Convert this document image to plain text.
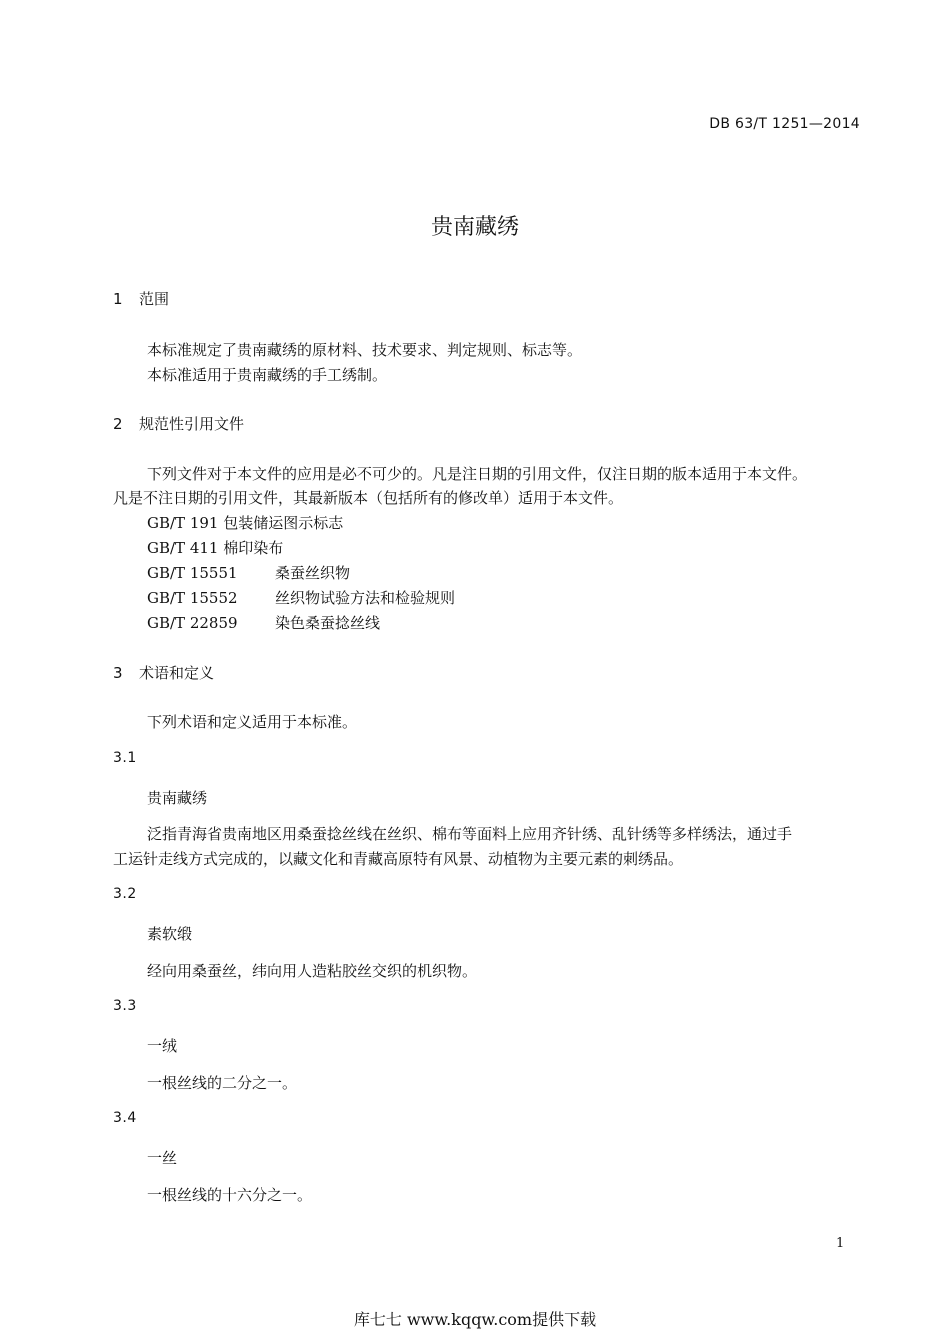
DB 63/T 1251—2014
贵南藏绣
1 范围
本标准规定了贵南藏绣的原材料、技术要求、判定规则、标志等。
本标准适用于贵南藏绣的手工绣制。
2 规范性引用文件
下列文件对于本文件的应用是必不可少的。凡是注日期的引用文件，仅注日期的版本适用于本文件。
凡是不注日期的引用文件，其最新版本（包括所有的修改单）适用于本文件。
GB/T 191 包装储运图示标志
GB/T 411 棉印染布
GB/T 15551 桑蚕丝织物
GB/T 15552 丝织物试验方法和检验规则
GB/T 22859 染色桑蚕捻丝线
3 术语和定义
下列术语和定义适用于本标准。
3.1
贵南藏绣
泛指青海省贵南地区用桑蚕捻丝线在丝织、棉布等面料上应用齐针绣、乱针绣等多样绣法，通过手
工运针走线方式完成的，以藏文化和青藏高原特有风景、动植物为主要元素的刺绣品。
3.2
素软缎
经向用桑蚕丝，纬向用人造粘胶丝交织的机织物。
3.3
一绒
一根丝线的二分之一。
3.4
一丝
一根丝线的十六分之一。
1
库七七 www.kqqw.com提供下载
